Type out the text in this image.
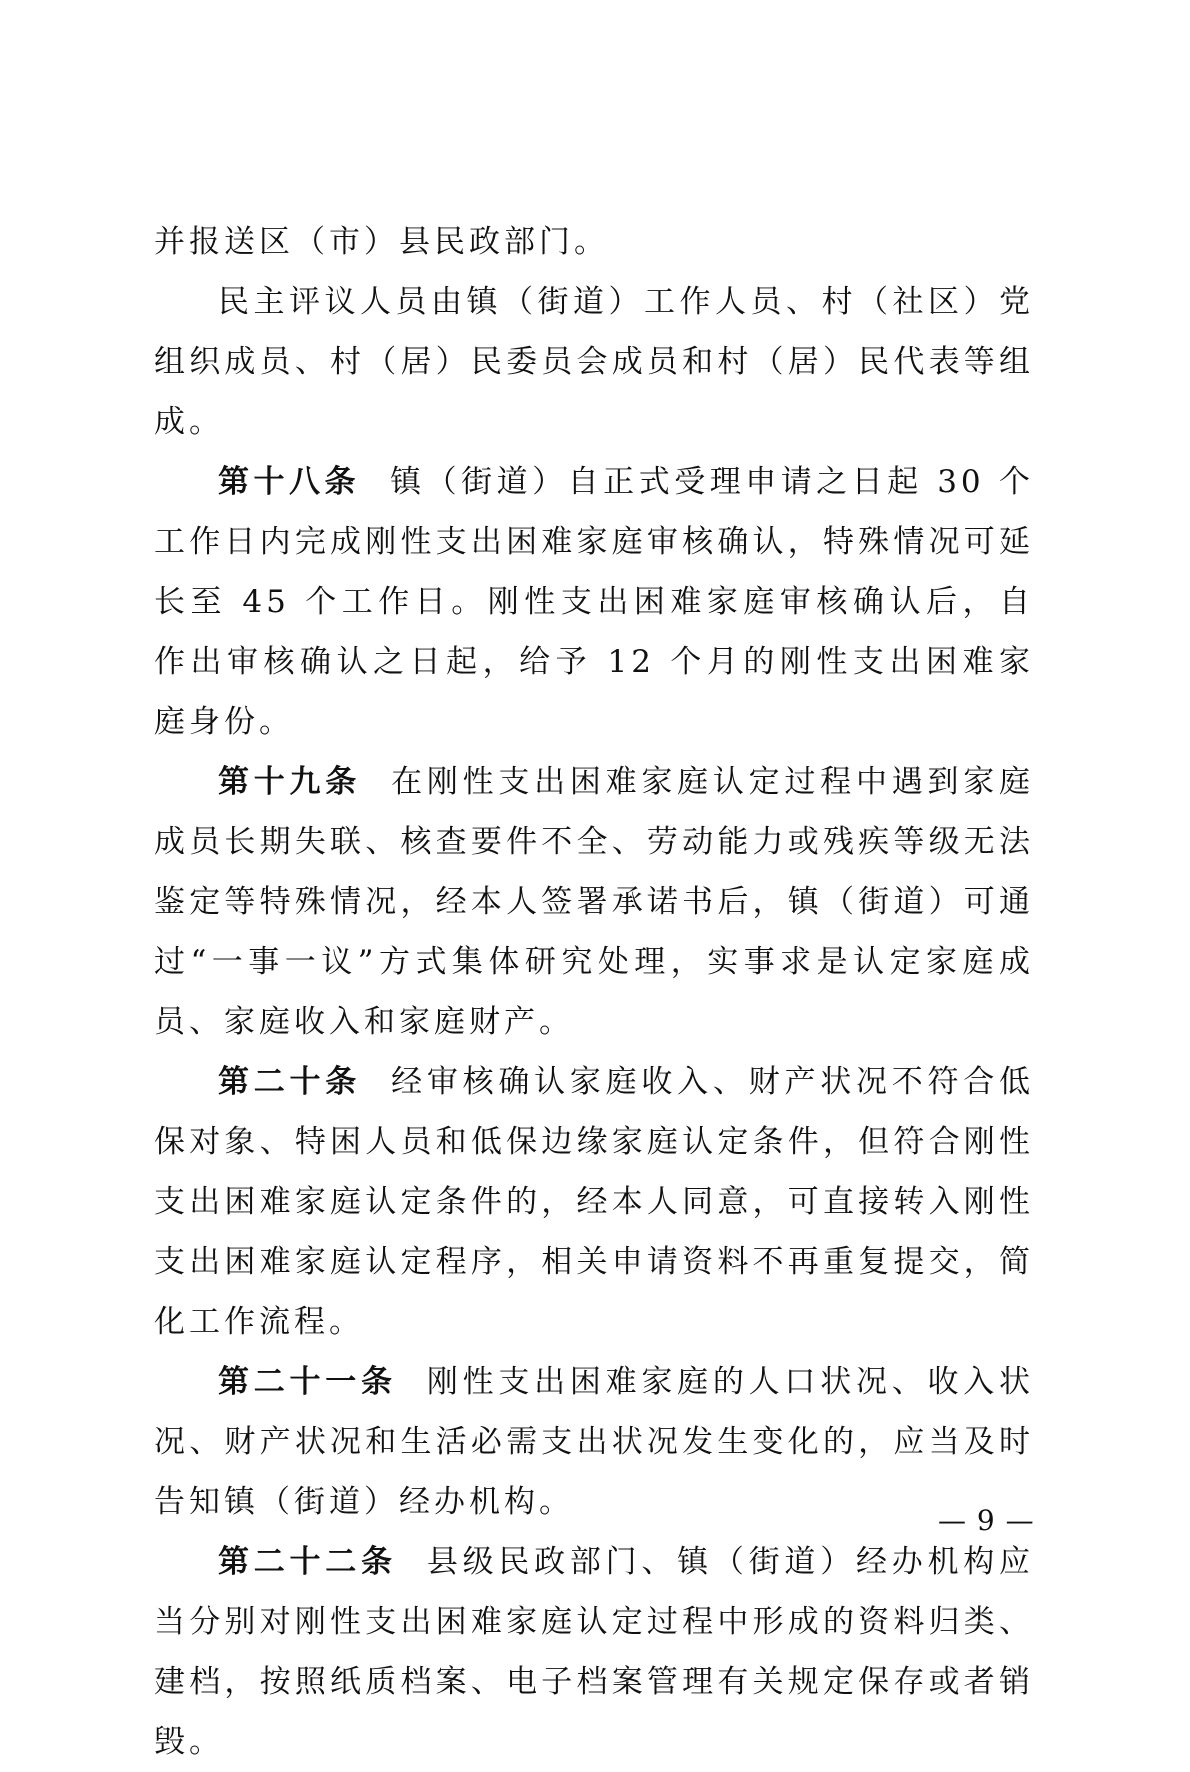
并报送区（市）县民政部门。

民主评议人员由镇（街道）工作人员、村（社区）党组织成员、村（居）民委员会成员和村（居）民代表等组成。

第十八条 镇（街道）自正式受理申请之日起 30 个工作日内完成刚性支出困难家庭审核确认，特殊情况可延长至 45 个工作日。刚性支出困难家庭审核确认后，自作出审核确认之日起，给予 12 个月的刚性支出困难家庭身份。

第十九条 在刚性支出困难家庭认定过程中遇到家庭成员长期失联、核查要件不全、劳动能力或残疾等级无法鉴定等特殊情况，经本人签署承诺书后，镇（街道）可通过“一事一议”方式集体研究处理，实事求是认定家庭成员、家庭收入和家庭财产。

第二十条 经审核确认家庭收入、财产状况不符合低保对象、特困人员和低保边缘家庭认定条件，但符合刚性支出困难家庭认定条件的，经本人同意，可直接转入刚性支出困难家庭认定程序，相关申请资料不再重复提交，简化工作流程。

第二十一条 刚性支出困难家庭的人口状况、收入状况、财产状况和生活必需支出状况发生变化的，应当及时告知镇（街道）经办机构。

第二十二条 县级民政部门、镇（街道）经办机构应当分别对刚性支出困难家庭认定过程中形成的资料归类、建档，按照纸质档案、电子档案管理有关规定保存或者销毁。

— 9 —
